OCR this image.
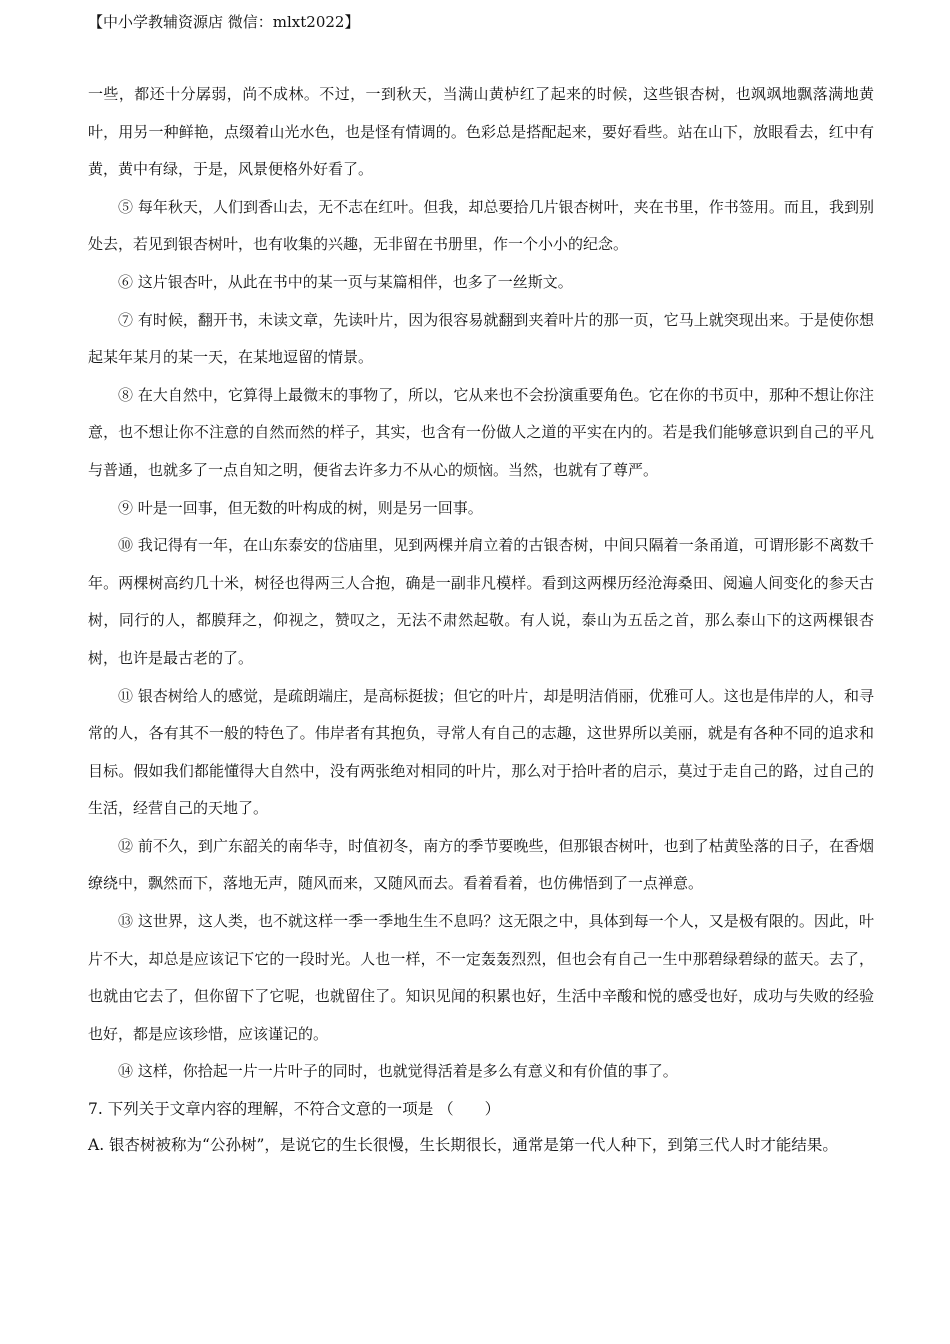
【中小学教辅资源店 微信：mlxt2022】

一些，都还十分孱弱，尚不成林。不过，一到秋天，当满山黄栌红了起来的时候，这些银杏树，也飒飒地飘落满地黄叶，用另一种鲜艳，点缀着山光水色，也是怪有情调的。色彩总是搭配起来，要好看些。站在山下，放眼看去，红中有黄，黄中有绿，于是，风景便格外好看了。

⑤ 每年秋天，人们到香山去，无不志在红叶。但我，却总要拾几片银杏树叶，夹在书里，作书签用。而且，我到别处去，若见到银杏树叶，也有收集的兴趣，无非留在书册里，作一个小小的纪念。

⑥ 这片银杏叶，从此在书中的某一页与某篇相伴，也多了一丝斯文。

⑦ 有时候，翻开书，未读文章，先读叶片，因为很容易就翻到夹着叶片的那一页，它马上就突现出来。于是使你想起某年某月的某一天，在某地逗留的情景。

⑧ 在大自然中，它算得上最微末的事物了，所以，它从来也不会扮演重要角色。它在你的书页中，那种不想让你注意，也不想让你不注意的自然而然的样子，其实，也含有一份做人之道的平实在内的。若是我们能够意识到自己的平凡与普通，也就多了一点自知之明，便省去许多力不从心的烦恼。当然，也就有了尊严。

⑨ 叶是一回事，但无数的叶构成的树，则是另一回事。

⑩ 我记得有一年，在山东泰安的岱庙里，见到两棵并肩立着的古银杏树，中间只隔着一条甬道，可谓形影不离数千年。两棵树高约几十米，树径也得两三人合抱，确是一副非凡模样。看到这两棵历经沧海桑田、阅遍人间变化的参天古树，同行的人，都膜拜之，仰视之，赞叹之，无法不肃然起敬。有人说，泰山为五岳之首，那么泰山下的这两棵银杏树，也许是最古老的了。

⑪ 银杏树给人的感觉，是疏朗端庄，是高标挺拔；但它的叶片，却是明洁俏丽，优雅可人。这也是伟岸的人，和寻常的人，各有其不一般的特色了。伟岸者有其抱负，寻常人有自己的志趣，这世界所以美丽，就是有各种不同的追求和目标。假如我们都能懂得大自然中，没有两张绝对相同的叶片，那么对于拾叶者的启示，莫过于走自己的路，过自己的生活，经营自己的天地了。

⑫ 前不久，到广东韶关的南华寺，时值初冬，南方的季节要晚些，但那银杏树叶，也到了枯黄坠落的日子，在香烟缭绕中，飘然而下，落地无声，随风而来，又随风而去。看着看着，也仿佛悟到了一点禅意。

⑬ 这世界，这人类，也不就这样一季一季地生生不息吗？这无限之中，具体到每一个人，又是极有限的。因此，叶片不大，却总是应该记下它的一段时光。人也一样，不一定轰轰烈烈，但也会有自己一生中那碧绿碧绿的蓝天。去了，也就由它去了，但你留下了它呢，也就留住了。知识见闻的积累也好，生活中辛酸和悦的感受也好，成功与失败的经验也好，都是应该珍惜，应该谨记的。

⑭ 这样，你拾起一片一片叶子的同时，也就觉得活着是多么有意义和有价值的事了。

7. 下列关于文章内容的理解，不符合文意的一项是 （　　）

A. 银杏树被称为“公孙树”，是说它的生长很慢，生长期很长，通常是第一代人种下，到第三代人时才能结果。
